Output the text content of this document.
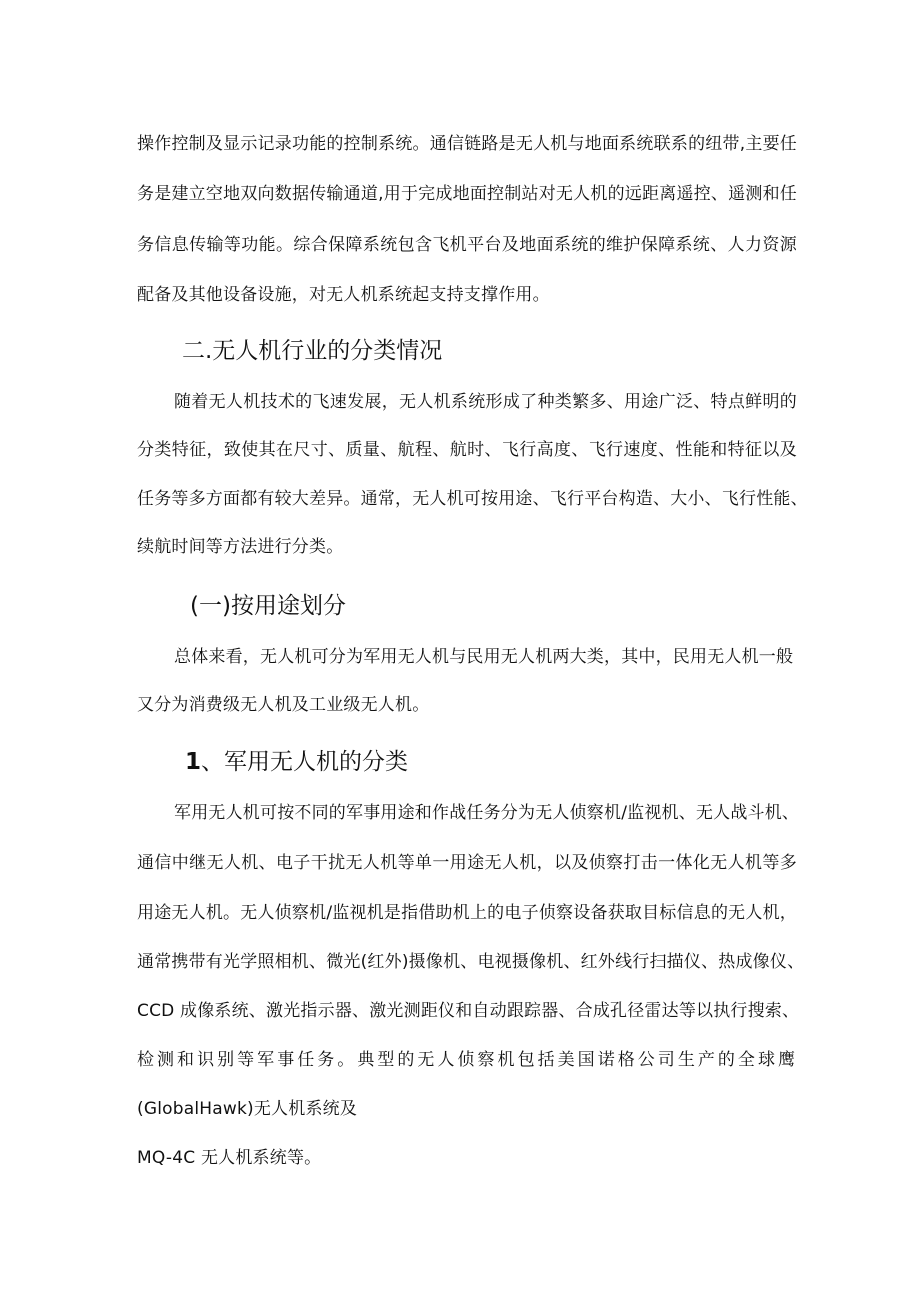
操作控制及显示记录功能的控制系统。通信链路是无人机与地面系统联系的纽带,主要任
务是建立空地双向数据传输通道,用于完成地面控制站对无人机的远距离遥控、遥测和任
务信息传输等功能。综合保障系统包含飞机平台及地面系统的维护保障系统、人力资源
配备及其他设备设施，对无人机系统起支持支撑作用。
二.无人机行业的分类情况
随着无人机技术的飞速发展，无人机系统形成了种类繁多、用途广泛、特点鲜明的
分类特征，致使其在尺寸、质量、航程、航时、飞行高度、飞行速度、性能和特征以及
任务等多方面都有较大差异。通常，无人机可按用途、飞行平台构造、大小、飞行性能、
续航时间等方法进行分类。
(一)按用途划分
总体来看，无人机可分为军用无人机与民用无人机两大类，其中，民用无人机一般
又分为消费级无人机及工业级无人机。
1、军用无人机的分类
军用无人机可按不同的军事用途和作战任务分为无人侦察机/监视机、无人战斗机、
通信中继无人机、电子干扰无人机等单一用途无人机，以及侦察打击一体化无人机等多
用途无人机。无人侦察机/监视机是指借助机上的电子侦察设备获取目标信息的无人机，
通常携带有光学照相机、微光(红外)摄像机、电视摄像机、红外线行扫描仪、热成像仪、
CCD 成像系统、激光指示器、激光测距仪和自动跟踪器、合成孔径雷达等以执行搜索、
检测和识别等军事任务。典型的无人侦察机包括美国诺格公司生产的全球鹰
(GlobalHawk)无人机系统及
MQ-4C 无人机系统等。
